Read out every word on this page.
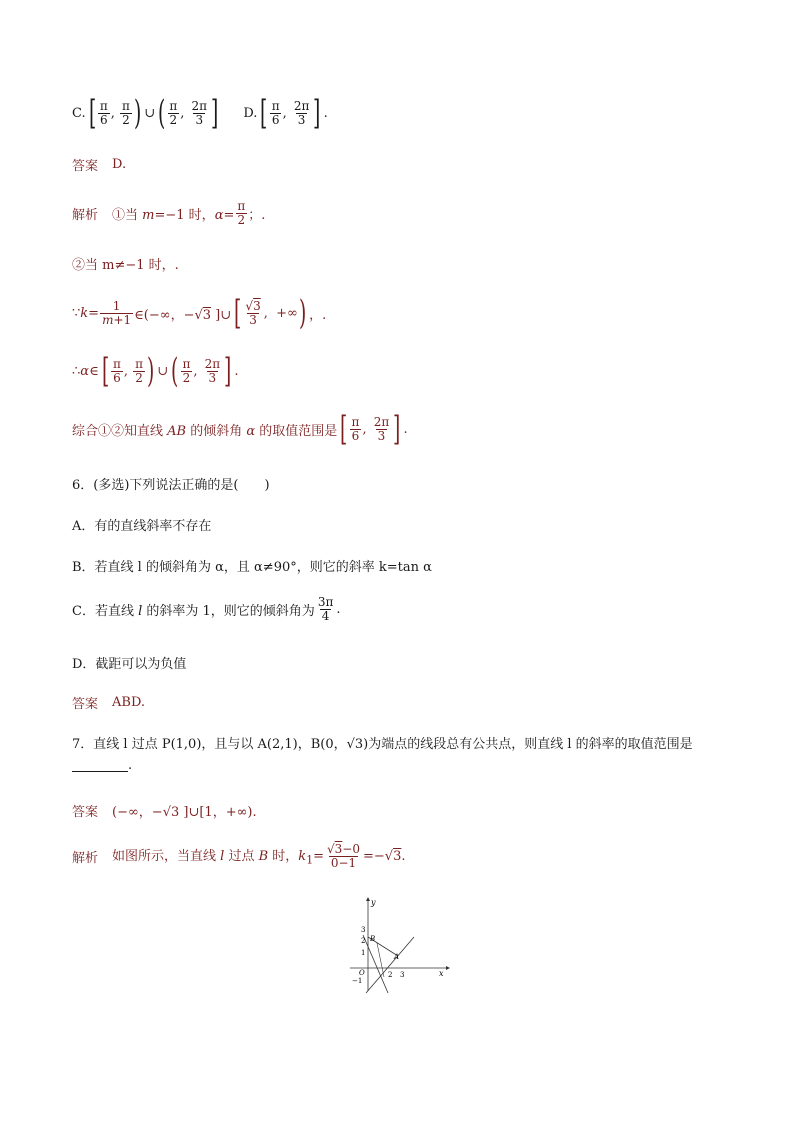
C. [ $\frac{\pi}{6}$ , $\frac{\pi}{2}$ ) ∪ ( $\frac{\pi}{2}$ , $\frac{2\pi}{3}$ ] D. [ $\frac{\pi}{6}$ , $\frac{2\pi}{3}$ ] .
答案 D.
解析 ①当 m=−1 时，$\alpha= \frac{\pi}{2}$ ；.
②当 m≠−1 时，.
∵k= $\frac{1}{m+1}$ ∈(−∞，−√3 ]∪ [ $\frac{√3}{3}$ ,  +∞ ) ，.
∴α∈ [ $\frac{\pi}{6}$ , $\frac{\pi}{2}$ ) ∪ ( $\frac{\pi}{2}$ , $\frac{2\pi}{3}$ ] .
综合①②知直线 AB 的倾斜角 α 的取值范围是 [ $\frac{\pi}{6}$ , $\frac{2\pi}{3}$ ] .
6．(多选)下列说法正确的是(　　)
A．有的直线斜率不存在
B．若直线 l 的倾斜角为 α，且 α≠90°，则它的斜率 k=tan α
C．若直线 l 的斜率为 1，则它的倾斜角为 $\frac{3\pi}{4}$ .
D．截距可以为负值
答案 ABD.
7．直线 l 过点 P(1,0)，且与以 A(2,1)，B(0，√3)为端点的线段总有公共点，则直线 l 的斜率的取值范围是
.
答案 (−∞，−√3 ]∪[1，+∞).
解析 如图所示，当直线 l 过点 B 时，$k_1= \frac{√3-0}{0-1} =-√3$.
y
x
O
B
A
3
2
1
2 3
−1
